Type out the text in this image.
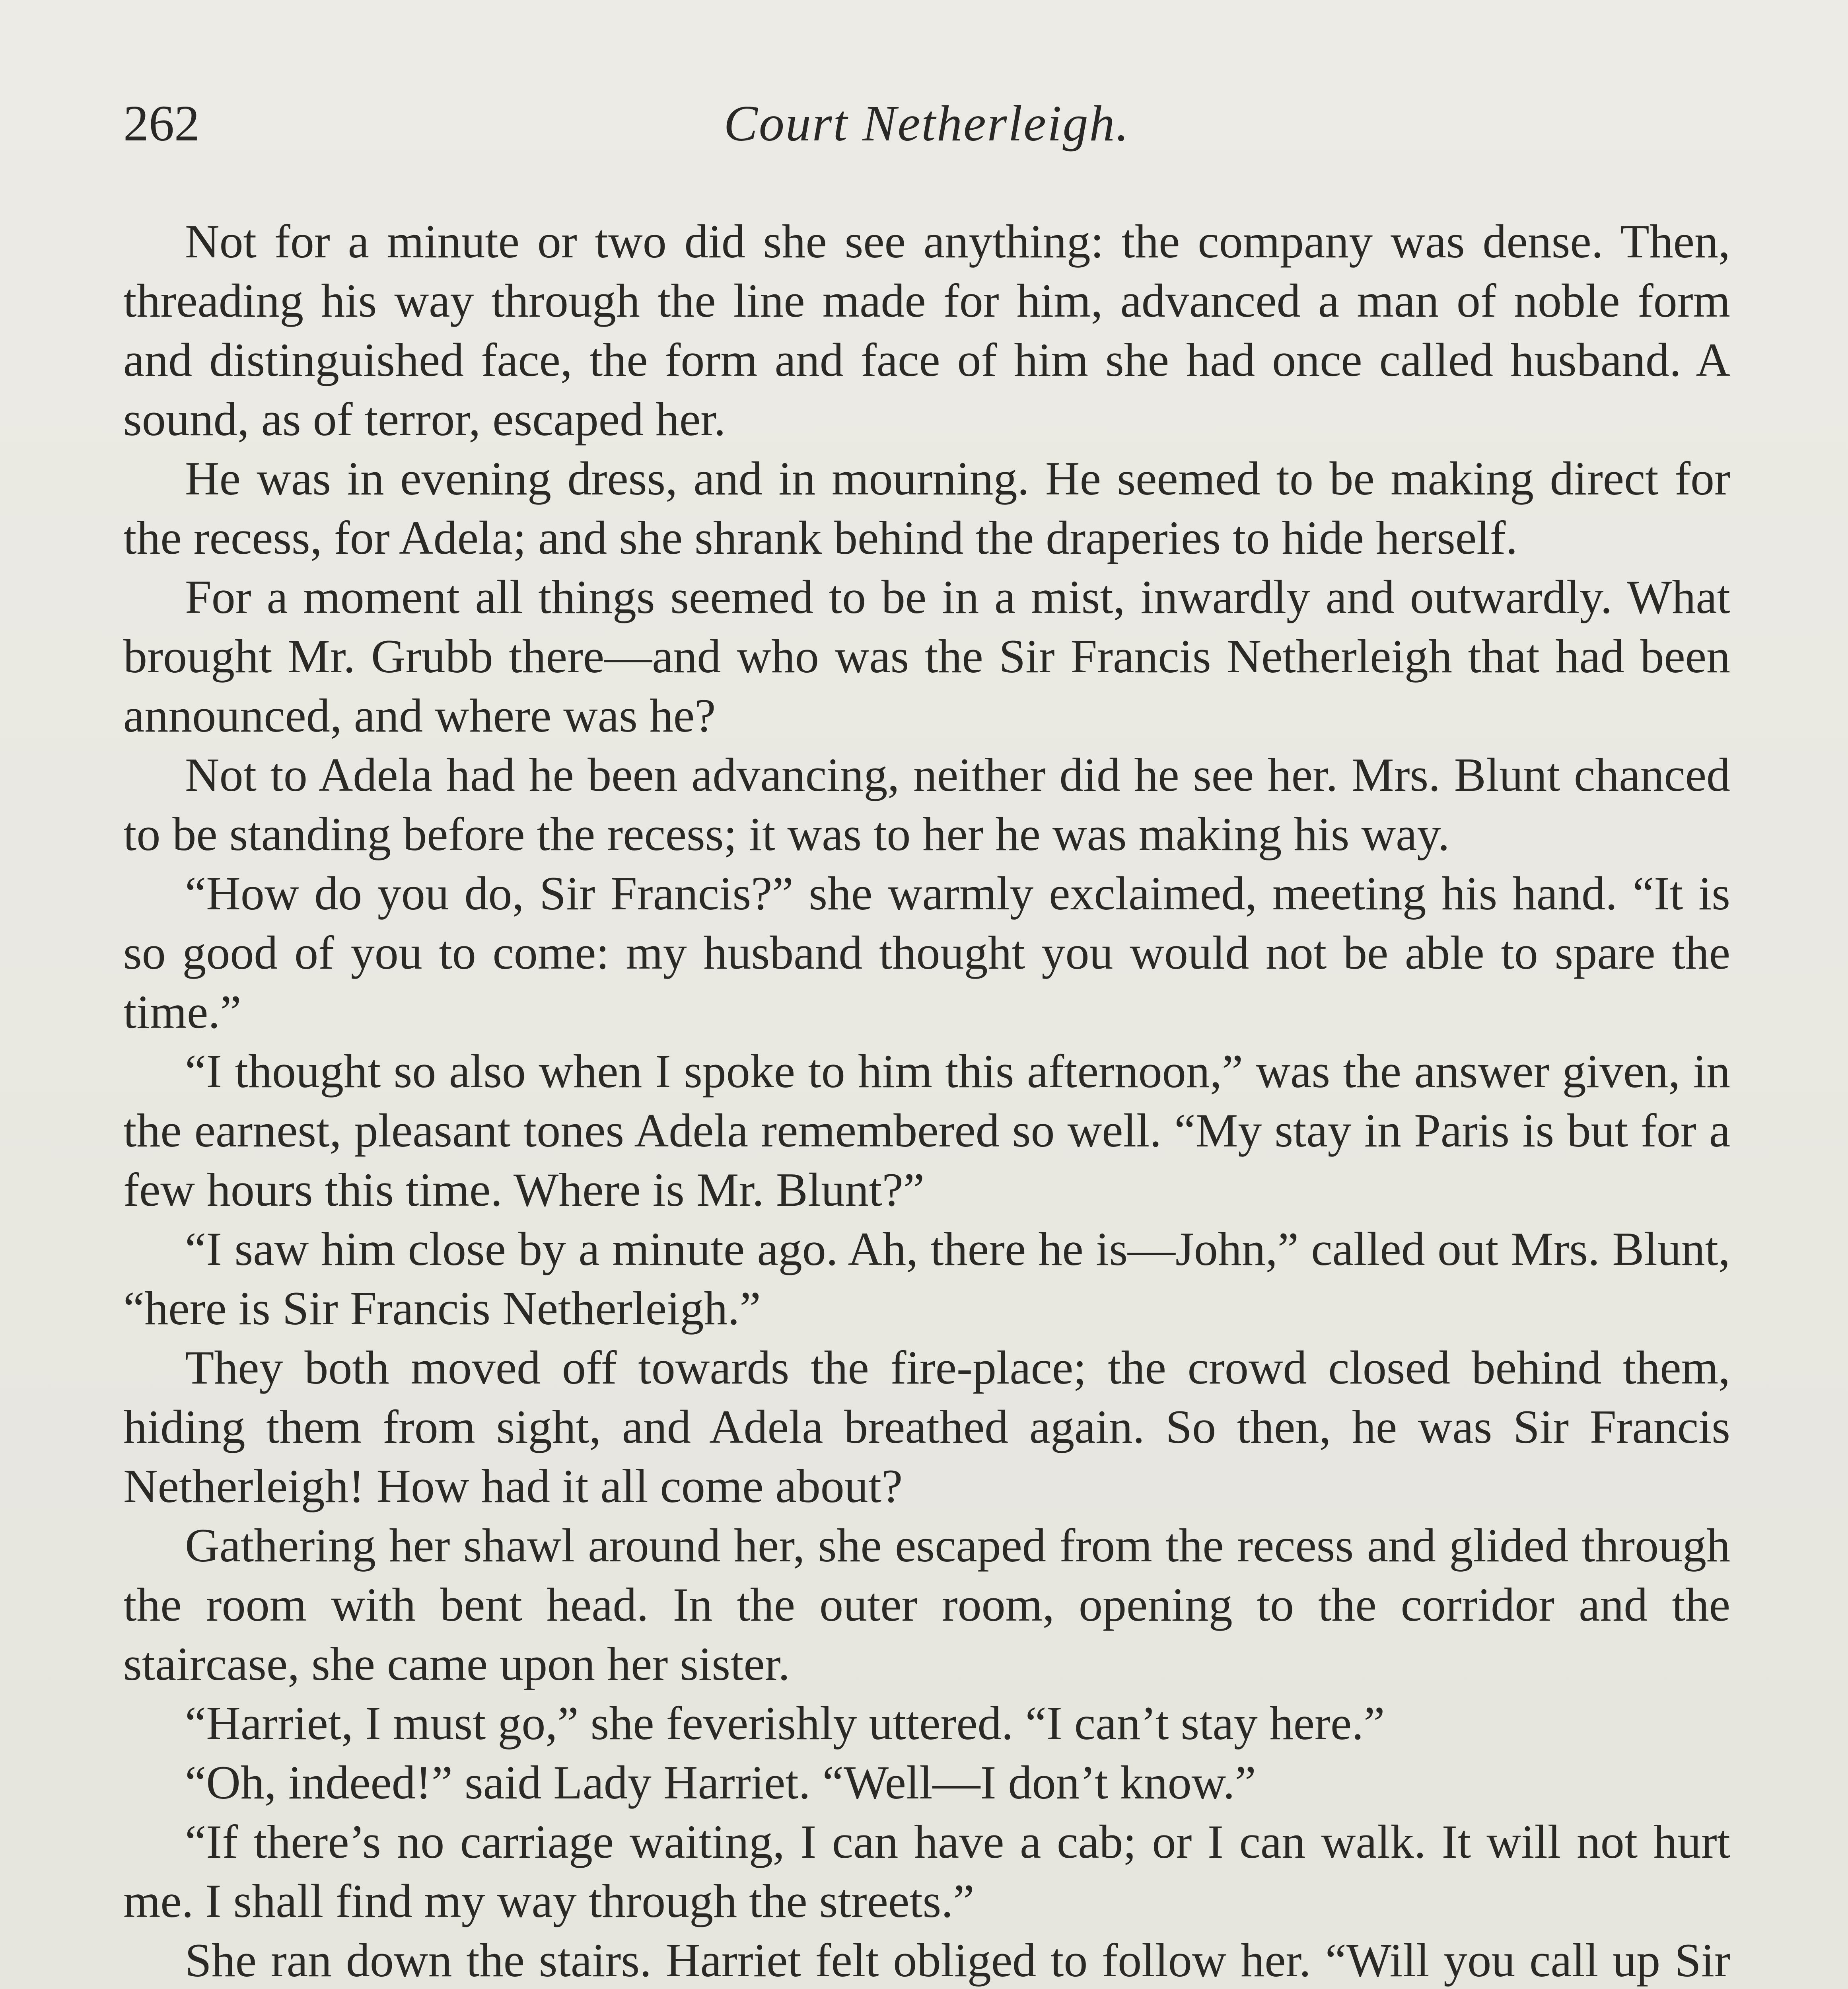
262	Court Netherleigh.

Not for a minute or two did she see anything: the company was dense. Then, threading his way through the line made for him, advanced a man of noble form and distinguished face, the form and face of him she had once called husband. A sound, as of terror, escaped her.

He was in evening dress, and in mourning. He seemed to be making direct for the recess, for Adela; and she shrank behind the draperies to hide herself.

For a moment all things seemed to be in a mist, inwardly and outwardly. What brought Mr. Grubb there—and who was the Sir Francis Netherleigh that had been announced, and where was he?

Not to Adela had he been advancing, neither did he see her. Mrs. Blunt chanced to be standing before the recess; it was to her he was making his way.

“How do you do, Sir Francis?” she warmly exclaimed, meeting his hand. “It is so good of you to come: my husband thought you would not be able to spare the time.”

“I thought so also when I spoke to him this afternoon,” was the answer given, in the earnest, pleasant tones Adela remembered so well. “My stay in Paris is but for a few hours this time. Where is Mr. Blunt?”

“I saw him close by a minute ago. Ah, there he is—John,” called out Mrs. Blunt, “here is Sir Francis Netherleigh.”

They both moved off towards the fire-place; the crowd closed behind them, hiding them from sight, and Adela breathed again. So then, he was Sir Francis Netherleigh! How had it all come about?

Gathering her shawl around her, she escaped from the recess and glided through the room with bent head. In the outer room, opening to the corridor and the staircase, she came upon her sister.

“Harriet, I must go,” she feverishly uttered. “I can’t stay here.”

“Oh, indeed!” said Lady Harriet. “Well—I don’t know.”

“If there’s no carriage waiting, I can have a cab; or I can walk. It will not hurt me. I shall find my way through the streets.”

She ran down the stairs. Harriet felt obliged to follow her. “Will you call up Sir
